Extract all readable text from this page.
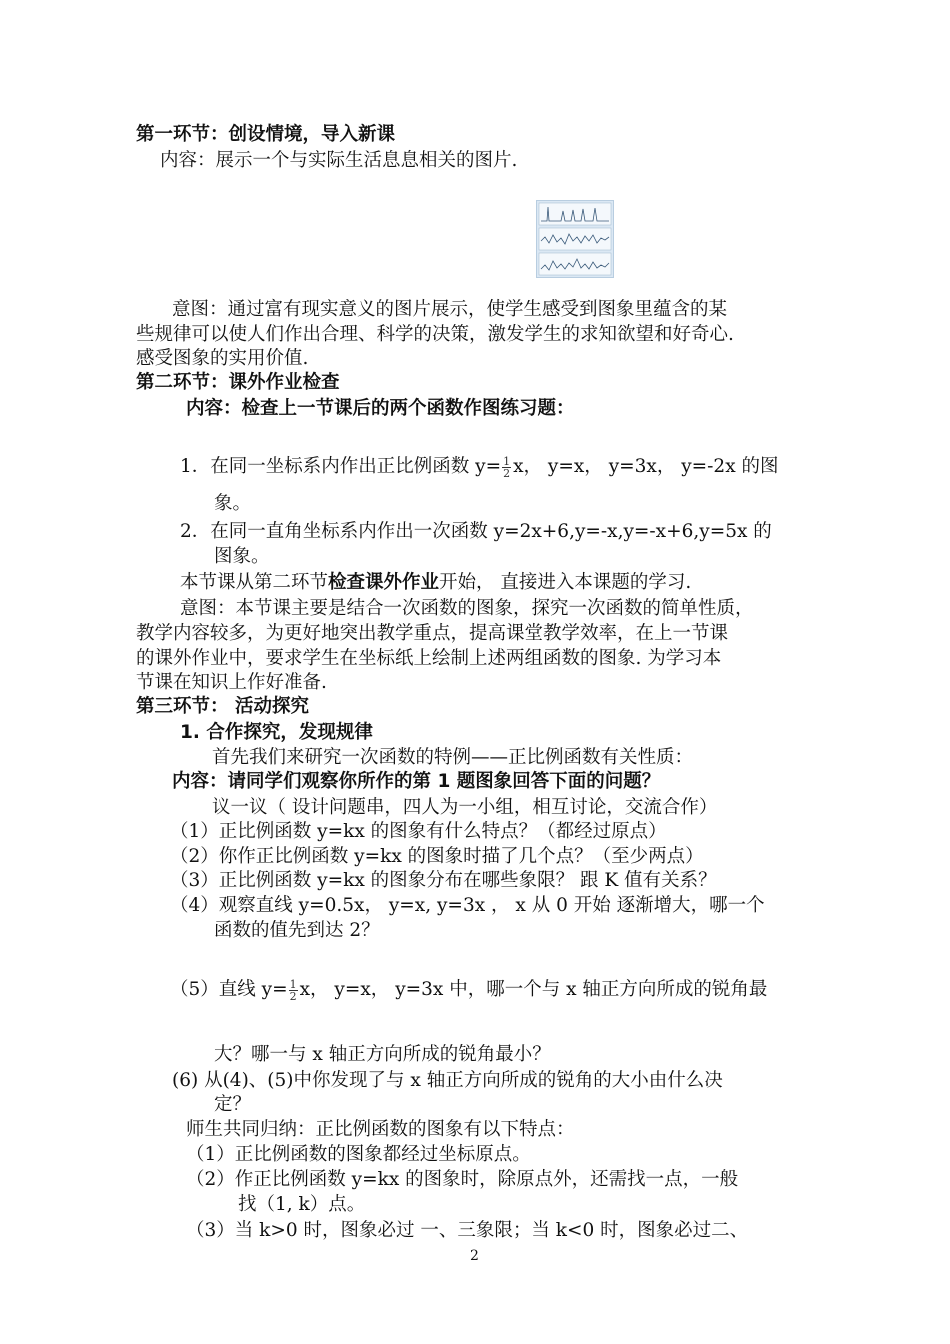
第一环节：创设情境，导入新课
内容：展示一个与实际生活息息相关的图片.
意图：通过富有现实意义的图片展示，使学生感受到图象里蕴含的某
些规律可以使人们作出合理、科学的决策，激发学生的求知欲望和好奇心.
感受图象的实用价值.
第二环节：课外作业检查
内容：检查上一节课后的两个函数作图练习题：
1．在同一坐标系内作出正比例函数 $y= \frac{1}{2}$ x， y=x， y=3x， y=-2x 的图
象。
2．在同一直角坐标系内作出一次函数 y=2x+6,y=-x,y=-x+6,y=5x 的
图象。
本节课从第二环节检查课外作业开始， 直接进入本课题的学习.
意图：本节课主要是结合一次函数的图象，探究一次函数的简单性质，
教学内容较多，为更好地突出教学重点，提高课堂教学效率，在上一节课
的课外作业中，要求学生在坐标纸上绘制上述两组函数的图象. 为学习本
节课在知识上作好准备.
第三环节： 活动探究
1. 合作探究，发现规律
首先我们来研究一次函数的特例——正比例函数有关性质：
内容：请同学们观察你所作的第 1 题图象回答下面的问题？
议一议（ 设计问题串，四人为一小组，相互讨论，交流合作）
（1）正比例函数 y=kx 的图象有什么特点？（都经过原点）
（2）你作正比例函数 y=kx 的图象时描了几个点？（至少两点）
（3）正比例函数 y=kx 的图象分布在哪些象限？ 跟 K 值有关系？
（4）观察直线 y=0.5x， y=x, y=3x ， x 从 0 开始 逐渐增大，哪一个
函数的值先到达 2？
（5）直线 $y= \frac{1}{2}$ x， y=x， y=3x 中，哪一个与 x 轴正方向所成的锐角最
大？哪一与 x 轴正方向所成的锐角最小？
(6) 从(4)、(5)中你发现了与 x 轴正方向所成的锐角的大小由什么决
定？
师生共同归纳：正比例函数的图象有以下特点：
（1）正比例函数的图象都经过坐标原点。
（2）作正比例函数 y=kx 的图象时，除原点外，还需找一点，一般
找（1, k）点。
（3）当 k>0 时，图象必过 一、三象限；当 k<0 时，图象必过二、
2
